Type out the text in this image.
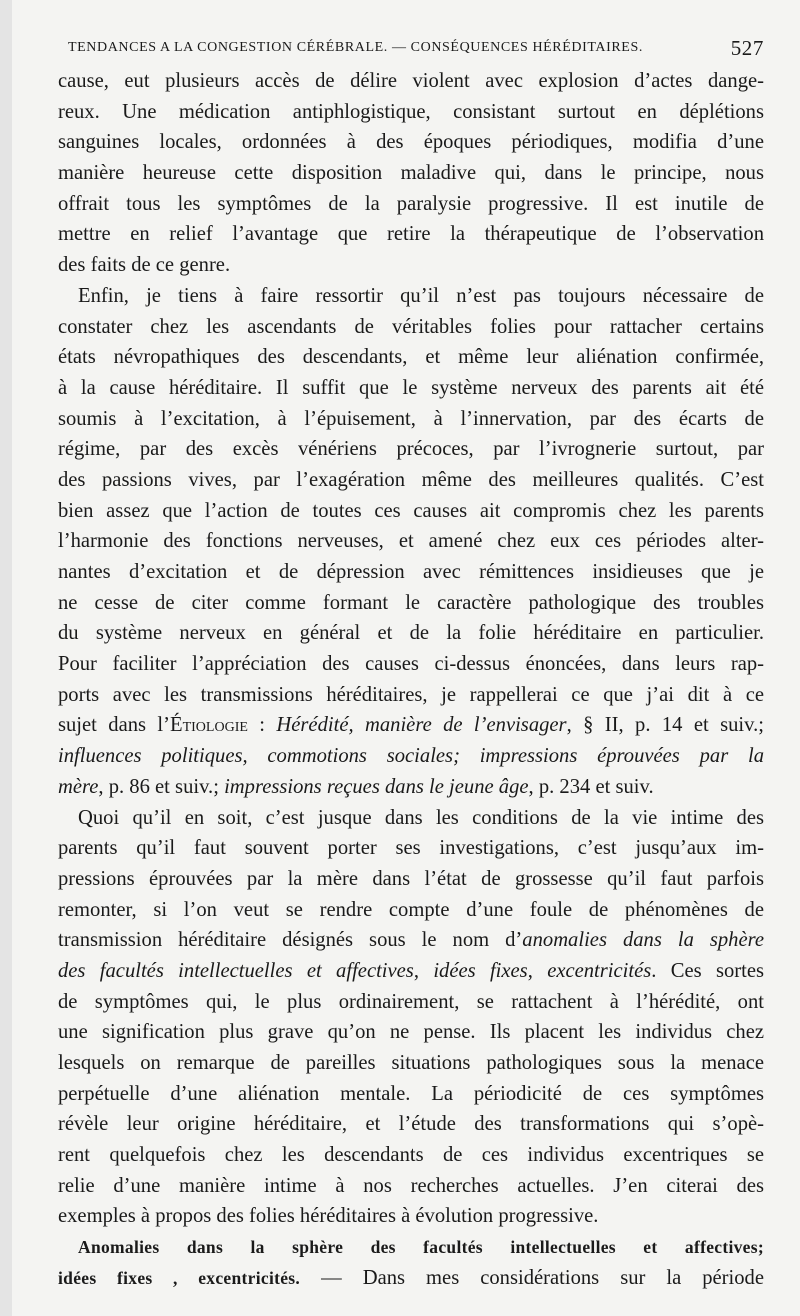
TENDANCES A LA CONGESTION CÉRÉBRALE. — CONSÉQUENCES HÉRÉDITAIRES.	527
cause, eut plusieurs accès de délire violent avec explosion d’actes dange-
reux. Une médication antiphlogistique, consistant surtout en déplétions
sanguines locales, ordonnées à des époques périodiques, modifia d’une
manière heureuse cette disposition maladive qui, dans le principe, nous
offrait tous les symptômes de la paralysie progressive. Il est inutile de
mettre en relief l’avantage que retire la thérapeutique de l’observation
des faits de ce genre.
Enfin, je tiens à faire ressortir qu’il n’est pas toujours nécessaire de
constater chez les ascendants de véritables folies pour rattacher certains
états névropathiques des descendants, et même leur aliénation confirmée,
à la cause héréditaire. Il suffit que le système nerveux des parents ait été
soumis à l’excitation, à l’épuisement, à l’innervation, par des écarts de
régime, par des excès vénériens précoces, par l’ivrognerie surtout, par
des passions vives, par l’exagération même des meilleures qualités. C’est
bien assez que l’action de toutes ces causes ait compromis chez les parents
l’harmonie des fonctions nerveuses, et amené chez eux ces périodes alter-
nantes d’excitation et de dépression avec rémittences insidieuses que je
ne cesse de citer comme formant le caractère pathologique des troubles
du système nerveux en général et de la folie héréditaire en particulier.
Pour faciliter l’appréciation des causes ci-dessus énoncées, dans leurs rap-
ports avec les transmissions héréditaires, je rappellerai ce que j’ai dit à ce
sujet dans l’Étiologie : Hérédité, manière de l’envisager, § II, p. 14 et suiv.;
influences politiques, commotions sociales; impressions éprouvées par la
mère, p. 86 et suiv.; impressions reçues dans le jeune âge, p. 234 et suiv.
Quoi qu’il en soit, c’est jusque dans les conditions de la vie intime des
parents qu’il faut souvent porter ses investigations, c’est jusqu’aux im-
pressions éprouvées par la mère dans l’état de grossesse qu’il faut parfois
remonter, si l’on veut se rendre compte d’une foule de phénomènes de
transmission héréditaire désignés sous le nom d’anomalies dans la sphère
des facultés intellectuelles et affectives, idées fixes, excentricités. Ces sortes
de symptômes qui, le plus ordinairement, se rattachent à l’hérédité, ont
une signification plus grave qu’on ne pense. Ils placent les individus chez
lesquels on remarque de pareilles situations pathologiques sous la menace
perpétuelle d’une aliénation mentale. La périodicité de ces symptômes
révèle leur origine héréditaire, et l’étude des transformations qui s’opè-
rent quelquefois chez les descendants de ces individus excentriques se
relie d’une manière intime à nos recherches actuelles. J’en citerai des
exemples à propos des folies héréditaires à évolution progressive.
Anomalies dans la sphère des facultés intellectuelles et affectives;
idées fixes , excentricités. — Dans mes considérations sur la période
